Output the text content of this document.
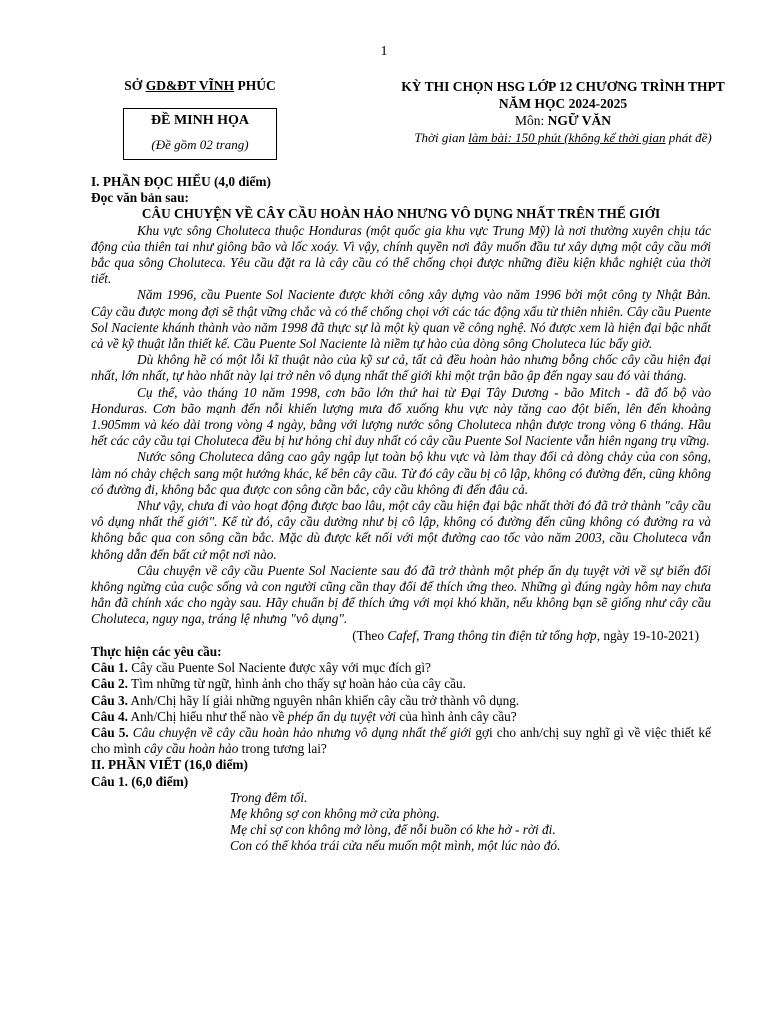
1
SỞ GD&ĐT VĨNH PHÚC
ĐỀ MINH HỌA
(Đề gồm 02 trang)
KỲ THI CHỌN HSG LỚP 12 CHƯƠNG TRÌNH THPT
NĂM HỌC 2024-2025
Môn: NGỮ VĂN
Thời gian làm bài: 150 phút (không kể thời gian phát đề)
I. PHẦN ĐỌC HIỂU (4,0 điểm)
Đọc văn bản sau:
CÂU CHUYỆN VỀ CÂY CẦU HOÀN HẢO NHƯNG VÔ DỤNG NHẤT TRÊN THẾ GIỚI
Khu vực sông Choluteca thuộc Honduras (một quốc gia khu vực Trung Mỹ) là nơi thường xuyên chịu tác động của thiên tai như giông bão và lốc xoáy. Vì vậy, chính quyền nơi đây muốn đầu tư xây dựng một cây cầu mới bắc qua sông Choluteca. Yêu cầu đặt ra là cây cầu có thể chống chọi được những điều kiện khắc nghiệt của thời tiết.
Năm 1996, cầu Puente Sol Naciente được khởi công xây dựng vào năm 1996 bởi một công ty Nhật Bản. Cây cầu được mong đợi sẽ thật vững chắc và có thể chống chọi với các tác động xấu từ thiên nhiên. Cây cầu Puente Sol Naciente khánh thành vào năm 1998 đã thực sự là một kỳ quan về công nghệ. Nó được xem là hiện đại bậc nhất cả về kỹ thuật lẫn thiết kế. Cầu Puente Sol Naciente là niềm tự hào của dòng sông Choluteca lúc bấy giờ.
Dù không hề có một lỗi kĩ thuật nào của kỹ sư cả, tất cả đều hoàn hảo nhưng bỗng chốc cây cầu hiện đại nhất, lớn nhất, tự hào nhất này lại trở nên vô dụng nhất thế giới khi một trận bão ập đến ngay sau đó vài tháng.
Cụ thể, vào tháng 10 năm 1998, cơn bão lớn thứ hai từ Đại Tây Dương - bão Mitch - đã đổ bộ vào Honduras. Cơn bão mạnh đến nỗi khiến lượng mưa đổ xuống khu vực này tăng cao đột biến, lên đến khoảng 1.905mm và kéo dài trong vòng 4 ngày, bằng với lượng nước sông Choluteca nhận được trong vòng 6 tháng. Hầu hết các cây cầu tại Choluteca đều bị hư hỏng chỉ duy nhất có cây cầu Puente Sol Naciente vẫn hiên ngang trụ vững.
Nước sông Choluteca dâng cao gây ngập lụt toàn bộ khu vực và làm thay đổi cả dòng chảy của con sông, làm nó chảy chệch sang một hướng khác, kế bên cây cầu. Từ đó cây cầu bị cô lập, không có đường đến, cũng không có đường đi, không bắc qua được con sông cần bắc, cây cầu không đi đến đâu cả.
Như vậy, chưa đi vào hoạt động được bao lâu, một cây cầu hiện đại bậc nhất thời đó đã trở thành "cây cầu vô dụng nhất thế giới". Kể từ đó, cây cầu dường như bị cô lập, không có đường đến cũng không có đường ra và không bắc qua con sông cần bắc. Mặc dù được kết nối với một đường cao tốc vào năm 2003, cầu Choluteca vẫn không dẫn đến bất cứ một nơi nào.
Câu chuyện về cây cầu Puente Sol Naciente sau đó đã trở thành một phép ẩn dụ tuyệt vời về sự biến đổi không ngừng của cuộc sống và con người cũng cần thay đổi để thích ứng theo. Những gì đúng ngày hôm nay chưa hẳn đã chính xác cho ngày sau. Hãy chuẩn bị để thích ứng với mọi khó khăn, nếu không bạn sẽ giống như cây cầu Choluteca, nguy nga, tráng lệ nhưng "vô dụng".
(Theo Cafef, Trang thông tin điện tử tổng hợp, ngày 19-10-2021)
Thực hiện các yêu cầu:
Câu 1. Cây cầu Puente Sol Naciente được xây với mục đích gì?
Câu 2. Tìm những từ ngữ, hình ảnh cho thấy sự hoàn hảo của cây cầu.
Câu 3. Anh/Chị hãy lí giải những nguyên nhân khiến cây cầu trở thành vô dụng.
Câu 4. Anh/Chị hiểu như thế nào về phép ẩn dụ tuyệt vời của hình ảnh cây cầu?
Câu 5. Câu chuyện về cây cầu hoàn hảo nhưng vô dụng nhất thế giới gợi cho anh/chị suy nghĩ gì về việc thiết kế cho mình cây cầu hoàn hảo trong tương lai?
II. PHẦN VIẾT (16,0 điểm)
Câu 1. (6,0 điểm)
Trong đêm tối.
Mẹ không sợ con không mở cửa phòng.
Mẹ chỉ sợ con không mở lòng, để nỗi buồn có khe hở - rời đi.
Con có thể khóa trái cửa nếu muốn một mình, một lúc nào đó.
